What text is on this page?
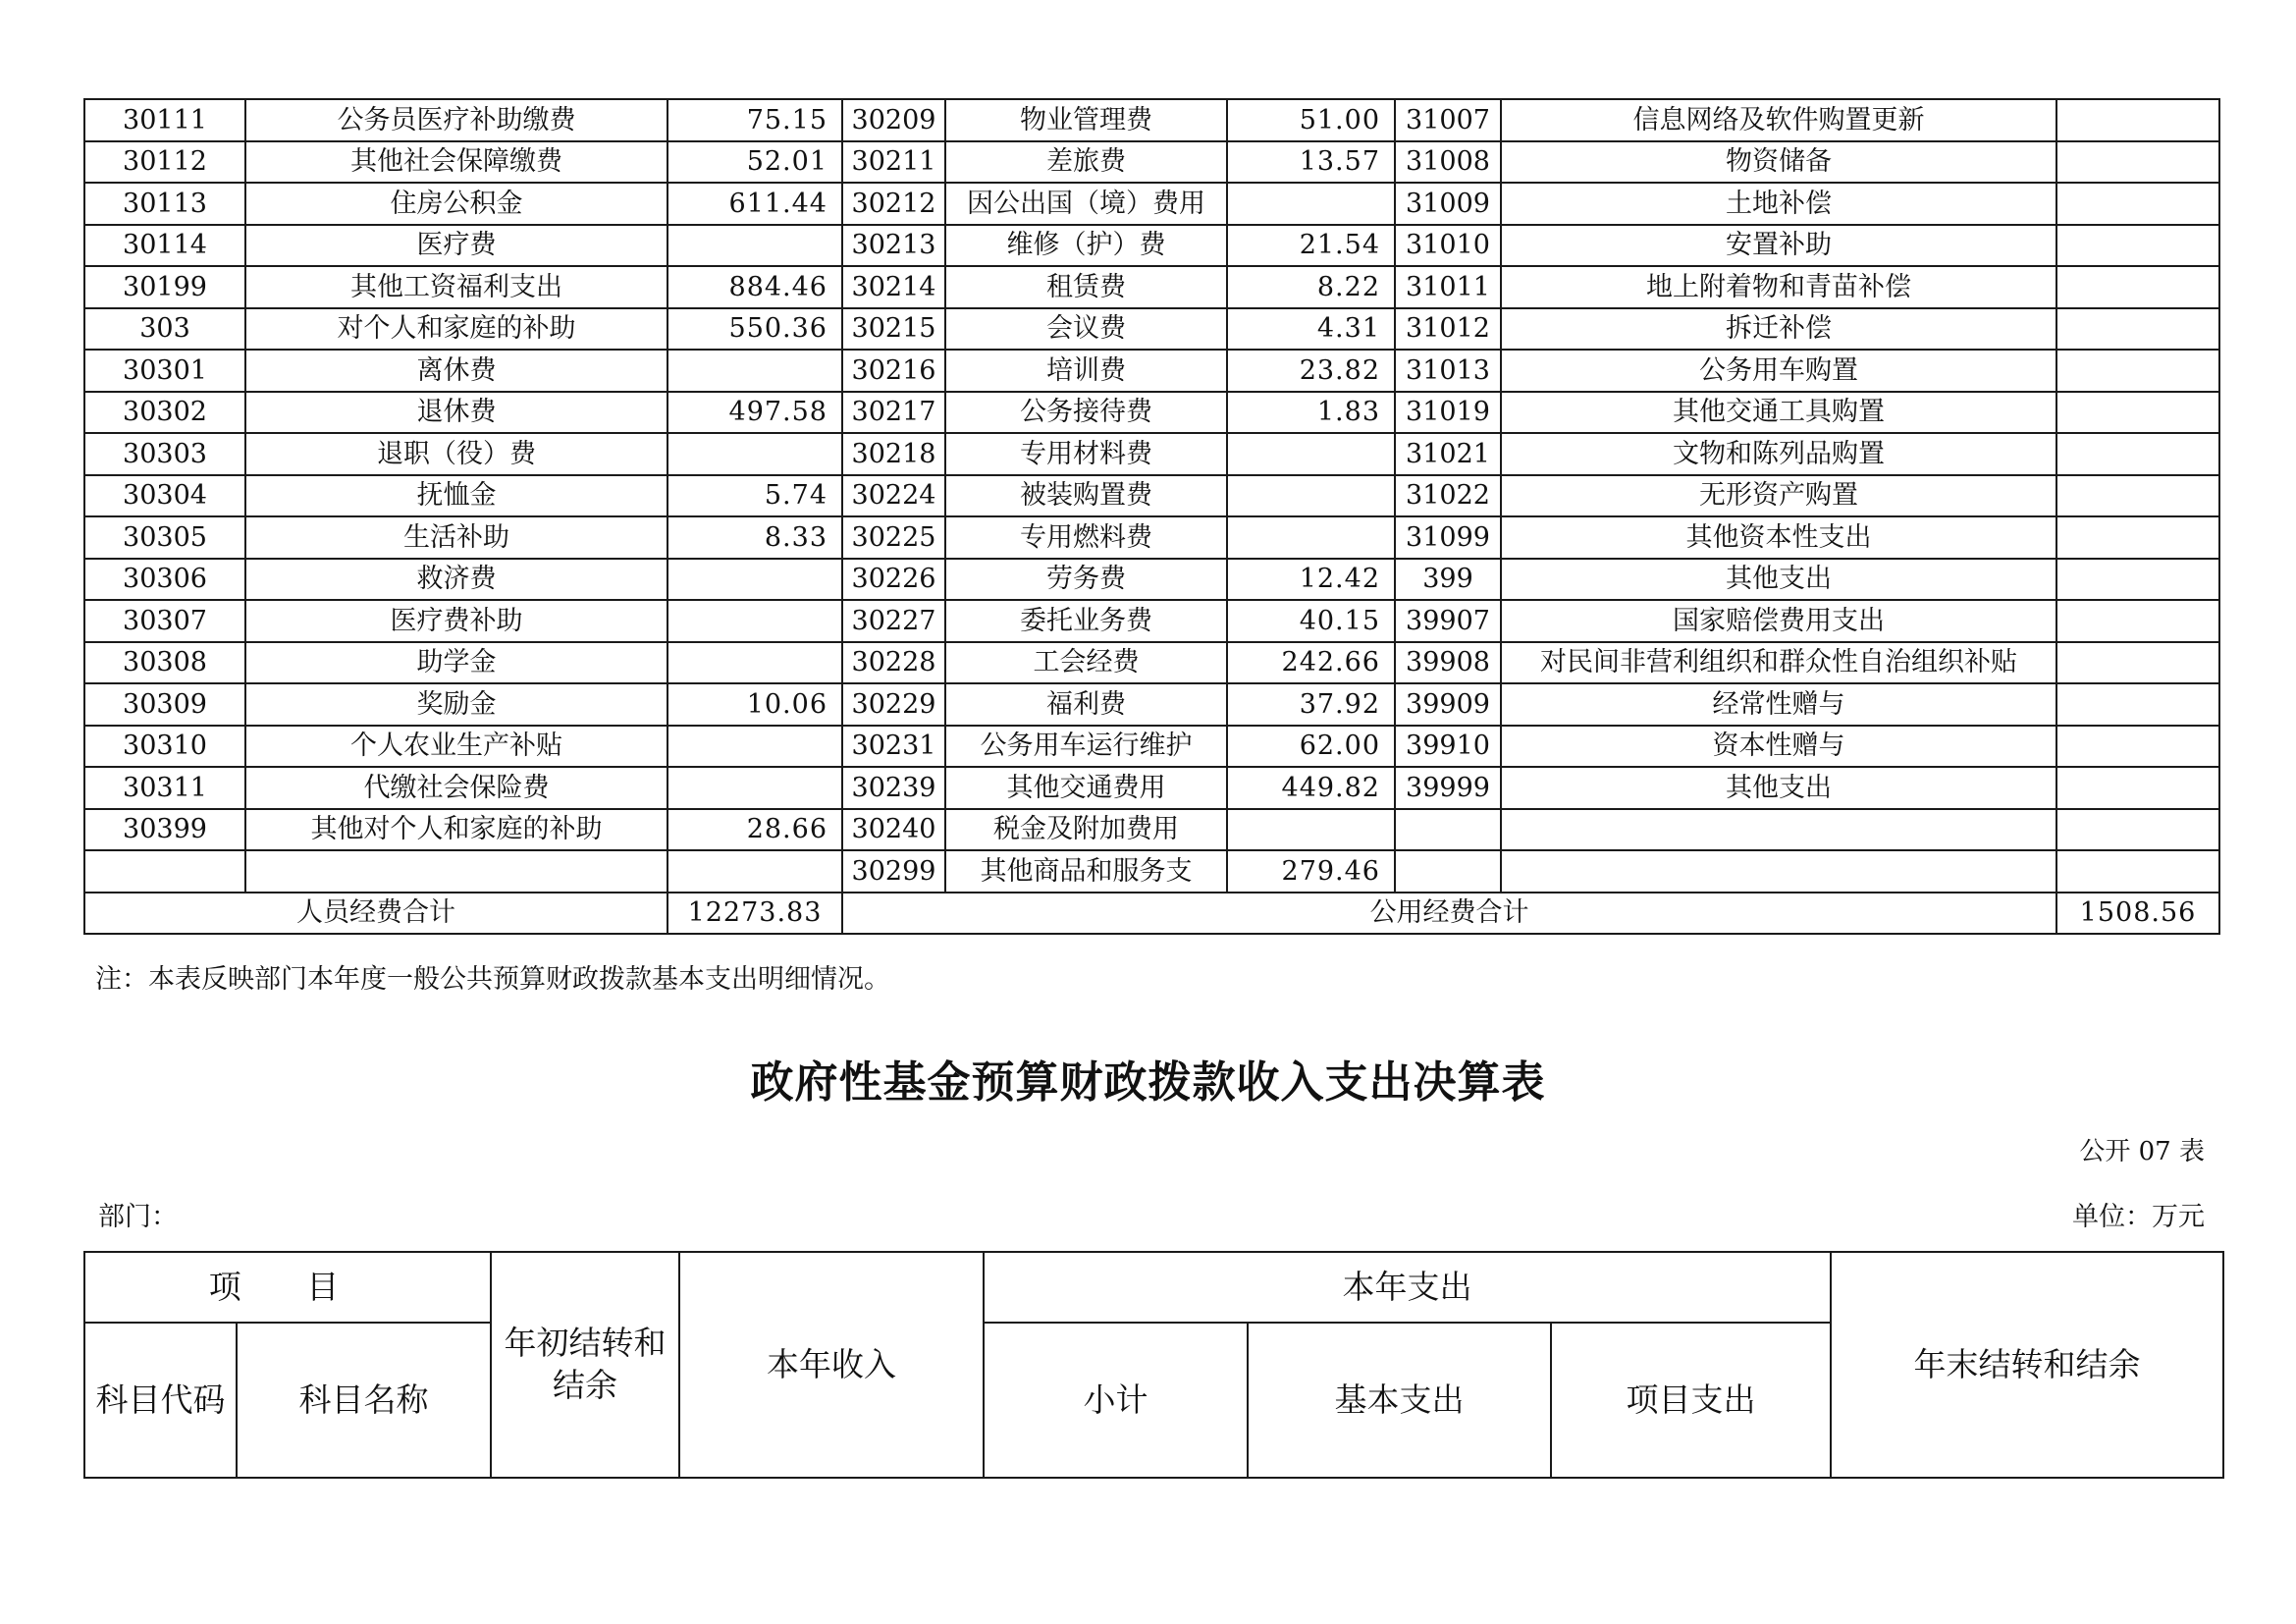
30111	公务员医疗补助缴费	75.15	30209	物业管理费	51.00	31007	信息网络及软件购置更新	
30112	其他社会保障缴费	52.01	30211	差旅费	13.57	31008	物资储备	
30113	住房公积金	611.44	30212	因公出国（境）费用		31009	土地补偿	
30114	医疗费		30213	维修（护）费	21.54	31010	安置补助	
30199	其他工资福利支出	884.46	30214	租赁费	8.22	31011	地上附着物和青苗补偿	
303	对个人和家庭的补助	550.36	30215	会议费	4.31	31012	拆迁补偿	
30301	离休费		30216	培训费	23.82	31013	公务用车购置	
30302	退休费	497.58	30217	公务接待费	1.83	31019	其他交通工具购置	
30303	退职（役）费		30218	专用材料费		31021	文物和陈列品购置	
30304	抚恤金	5.74	30224	被装购置费		31022	无形资产购置	
30305	生活补助	8.33	30225	专用燃料费		31099	其他资本性支出	
30306	救济费		30226	劳务费	12.42	399	其他支出	
30307	医疗费补助		30227	委托业务费	40.15	39907	国家赔偿费用支出	
30308	助学金		30228	工会经费	242.66	39908	对民间非营利组织和群众性自治组织补贴	
30309	奖励金	10.06	30229	福利费	37.92	39909	经常性赠与	
30310	个人农业生产补贴		30231	公务用车运行维护	62.00	39910	资本性赠与	
30311	代缴社会保险费		30239	其他交通费用	449.82	39999	其他支出	
30399	其他对个人和家庭的补助	28.66	30240	税金及附加费用				
			30299	其他商品和服务支	279.46			
人员经费合计		12273.83	公用经费合计					1508.56
注：本表反映部门本年度一般公共预算财政拨款基本支出明细情况。
政府性基金预算财政拨款收入支出决算表
公开 07 表
部门：	单位：万元
项 目		年初结转和结余	本年收入	本年支出			年末结转和结余

科目代码	科目名称			小计	基本支出	项目支出	
